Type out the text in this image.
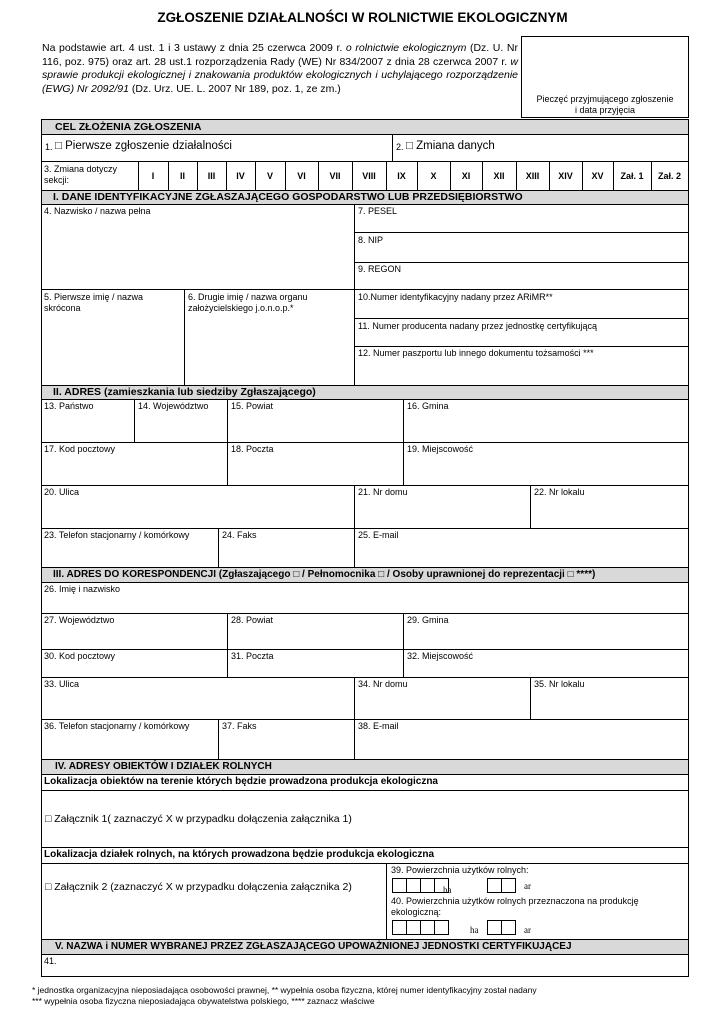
ZGŁOSZENIE DZIAŁALNOŚCI W ROLNICTWIE EKOLOGICZNYM
Na podstawie art. 4 ust. 1 i 3 ustawy z dnia 25 czerwca 2009 r. o rolnictwie ekologicznym (Dz. U. Nr 116, poz. 975) oraz art. 28 ust.1 rozporządzenia Rady (WE) Nr 834/2007 z dnia 28 czerwca 2007 r. w sprawie produkcji ekologicznej i znakowania produktów ekologicznych i uchylającego rozporządzenie (EWG) Nr 2092/91 (Dz. Urz. UE. L. 2007 Nr 189, poz. 1, ze zm.)
Pieczęć przyjmującego zgłoszenie
i data przyjęcia
CEL ZŁOŻENIA ZGŁOSZENIA
1. □ Pierwsze zgłoszenie działalności	2. □ Zmiana danych
3. Zmiana dotyczy sekcji:	I	II	III	IV	V	VI	VII	VIII	IX	X	XI	XII	XIII	XIV	XV	Zał. 1	Zał. 2
I. DANE IDENTYFIKACYJNE ZGŁASZAJĄCEGO GOSPODARSTWO LUB PRZEDSIĘBIORSTWO
4. Nazwisko / nazwa pełna	7. PESEL
8. NIP
9. REGON
5. Pierwsze imię / nazwa skrócona
6. Drugie imię / nazwa organu założycielskiego j.o.n.o.p.*
10.Numer identyfikacyjny nadany przez ARiMR**
11. Numer producenta nadany przez jednostkę certyfikującą
12. Numer paszportu lub innego dokumentu tożsamości ***
II. ADRES (zamieszkania lub siedziby Zgłaszającego)
13. Państwo	14. Województwo	15. Powiat	16. Gmina
17. Kod pocztowy	18. Poczta	19. Miejscowość
20. Ulica	21. Nr domu	22. Nr lokalu
23. Telefon stacjonarny / komórkowy	24. Faks	25. E-mail
III. ADRES DO KORESPONDENCJI (Zgłaszającego □ / Pełnomocnika □ / Osoby uprawnionej do reprezentacji □ ****)
26. Imię i nazwisko
27. Województwo	28. Powiat	29. Gmina
30. Kod pocztowy	31. Poczta	32. Miejscowość
33. Ulica	34. Nr domu	35. Nr lokalu
36. Telefon stacjonarny / komórkowy	37. Faks	38. E-mail
IV. ADRESY OBIEKTÓW I DZIAŁEK ROLNYCH
Lokalizacja obiektów na terenie których będzie prowadzona produkcja ekologiczna
□ Załącznik 1( zaznaczyć X w przypadku dołączenia załącznika 1)
Lokalizacja działek rolnych, na których prowadzona będzie produkcja ekologiczna
□ Załącznik 2 (zaznaczyć X w przypadku dołączenia załącznika 2)
39. Powierzchnia użytków rolnych:
ha	ar
40. Powierzchnia użytków rolnych przeznaczona na produkcję ekologiczną:
ha	ar
V. NAZWA i NUMER WYBRANEJ PRZEZ ZGŁASZAJĄCEGO UPOWAŻNIONEJ JEDNOSTKI CERTYFIKUJĄCEJ
41.
* jednostka organizacyjna nieposiadająca osobowości prawnej, ** wypełnia osoba fizyczna, której numer identyfikacyjny został nadany
*** wypełnia osoba fizyczna nieposiadająca obywatelstwa polskiego, **** zaznacz właściwe
